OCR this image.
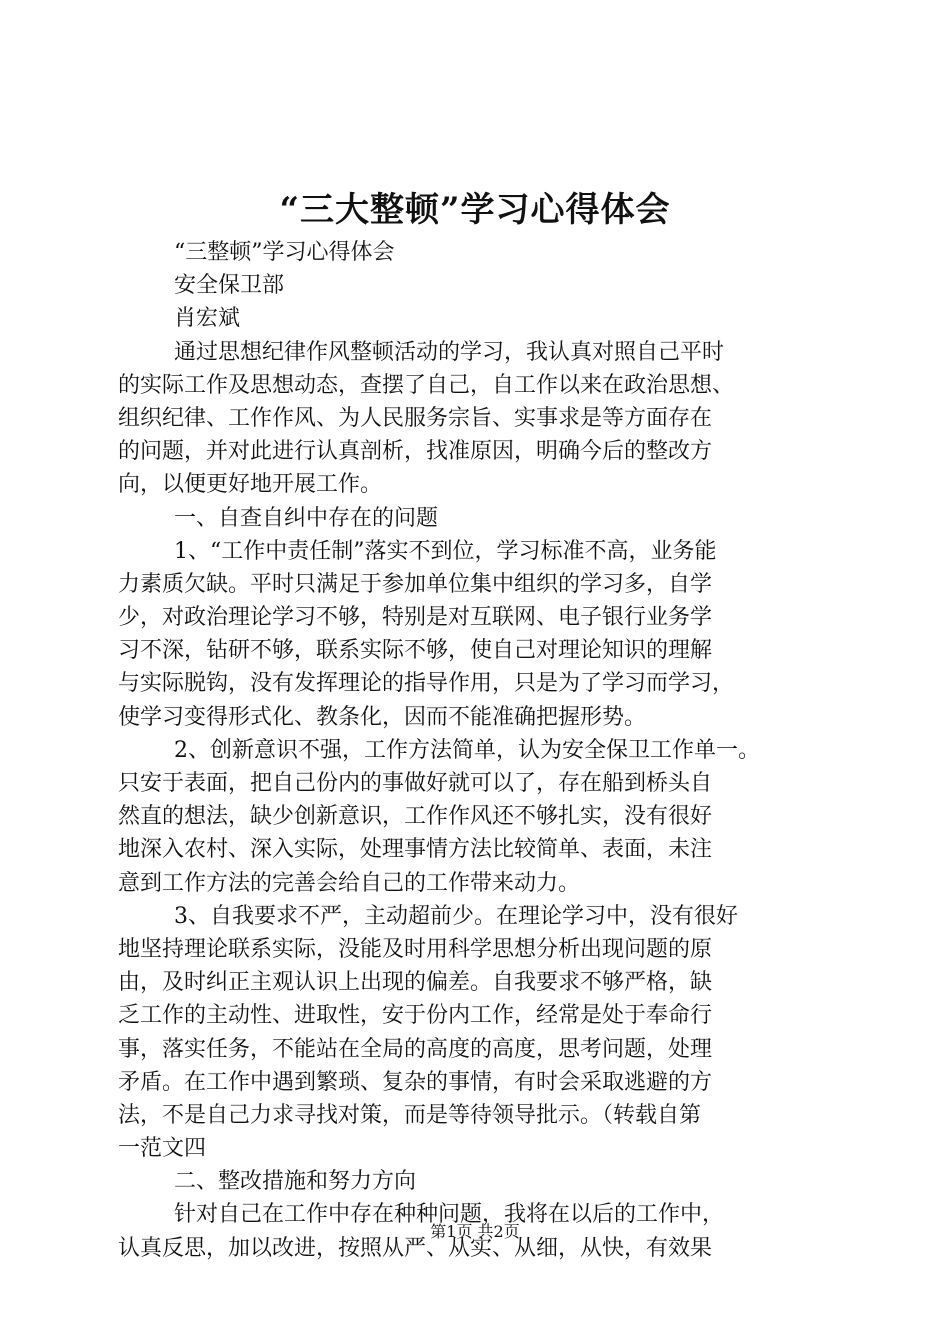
“三大整顿”学习心得体会
“三整顿”学习心得体会
安全保卫部
肖宏斌
通过思想纪律作风整顿活动的学习，我认真对照自己平时
的实际工作及思想动态，查摆了自己，自工作以来在政治思想、
组织纪律、工作作风、为人民服务宗旨、实事求是等方面存在
的问题，并对此进行认真剖析，找准原因，明确今后的整改方
向，以便更好地开展工作。
一、自查自纠中存在的问题
1、“工作中责任制”落实不到位，学习标准不高，业务能
力素质欠缺。平时只满足于参加单位集中组织的学习多，自学
少，对政治理论学习不够，特别是对互联网、电子银行业务学
习不深，钻研不够，联系实际不够，使自己对理论知识的理解
与实际脱钩，没有发挥理论的指导作用，只是为了学习而学习，
使学习变得形式化、教条化，因而不能准确把握形势。
2、创新意识不强，工作方法简单，认为安全保卫工作单一。
只安于表面，把自己份内的事做好就可以了，存在船到桥头自
然直的想法，缺少创新意识，工作作风还不够扎实，没有很好
地深入农村、深入实际，处理事情方法比较简单、表面，未注
意到工作方法的完善会给自己的工作带来动力。
3、自我要求不严，主动超前少。在理论学习中，没有很好
地坚持理论联系实际，没能及时用科学思想分析出现问题的原
由，及时纠正主观认识上出现的偏差。自我要求不够严格，缺
乏工作的主动性、进取性，安于份内工作，经常是处于奉命行
事，落实任务，不能站在全局的高度的高度，思考问题，处理
矛盾。在工作中遇到繁琐、复杂的事情，有时会采取逃避的方
法，不是自己力求寻找对策，而是等待领导批示。（转载自第
一范文四
二、整改措施和努力方向
针对自己在工作中存在种种问题，我将在以后的工作中，
认真反思，加以改进，按照从严、从实、从细，从快，有效果
第1页 共2页
